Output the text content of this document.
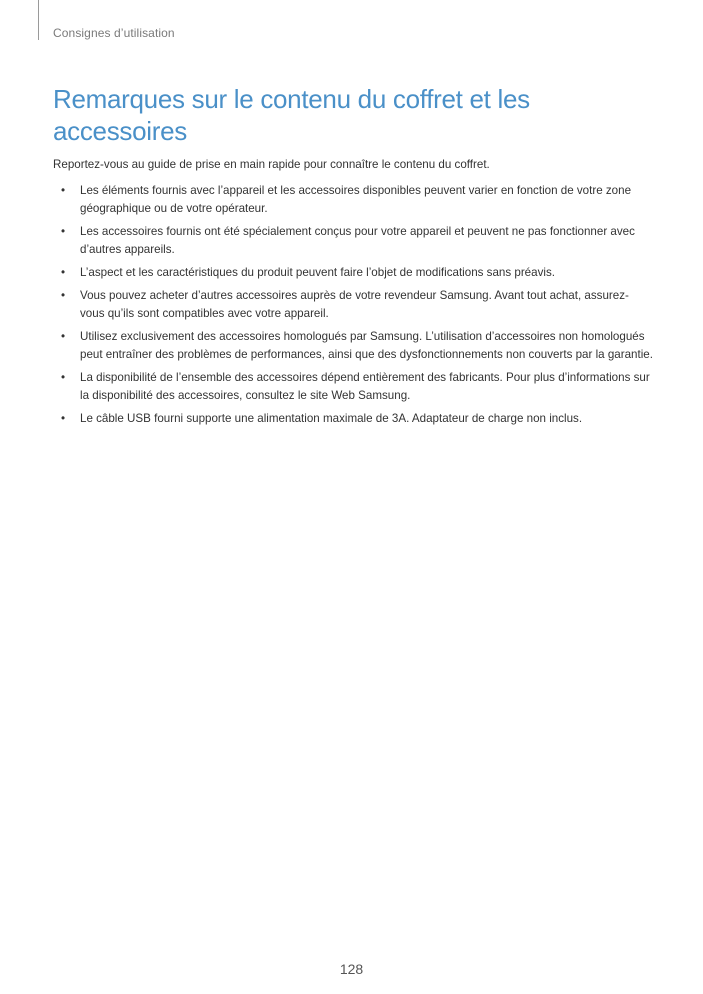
Consignes d’utilisation
Remarques sur le contenu du coffret et les accessoires

Reportez-vous au guide de prise en main rapide pour connaître le contenu du coffret.

• Les éléments fournis avec l’appareil et les accessoires disponibles peuvent varier en fonction de votre zone géographique ou de votre opérateur.
• Les accessoires fournis ont été spécialement conçus pour votre appareil et peuvent ne pas fonctionner avec d’autres appareils.
• L’aspect et les caractéristiques du produit peuvent faire l’objet de modifications sans préavis.
• Vous pouvez acheter d’autres accessoires auprès de votre revendeur Samsung. Avant tout achat, assurez-vous qu’ils sont compatibles avec votre appareil.
• Utilisez exclusivement des accessoires homologués par Samsung. L’utilisation d’accessoires non homologués peut entraîner des problèmes de performances, ainsi que des dysfonctionnements non couverts par la garantie.
• La disponibilité de l’ensemble des accessoires dépend entièrement des fabricants. Pour plus d’informations sur la disponibilité des accessoires, consultez le site Web Samsung.
• Le câble USB fourni supporte une alimentation maximale de 3A. Adaptateur de charge non inclus.
128
